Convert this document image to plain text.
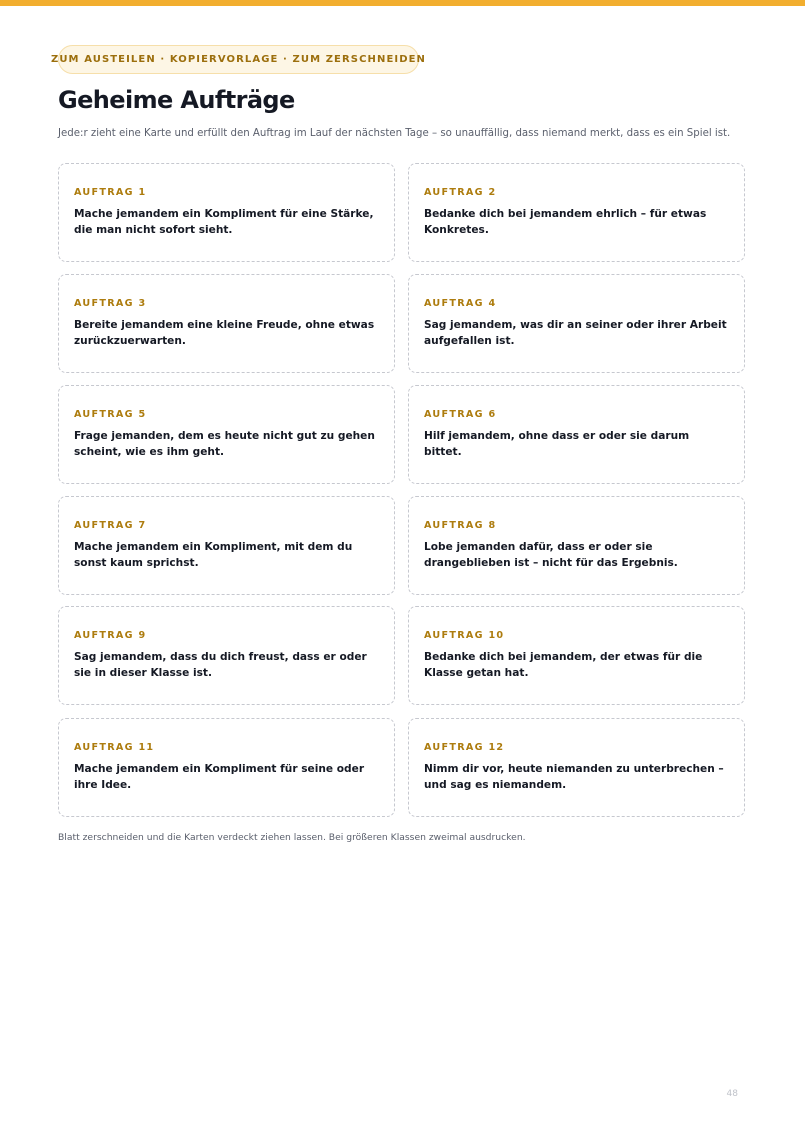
ZUM AUSTEILEN · KOPIERVORLAGE · ZUM ZERSCHNEIDEN
Geheime Aufträge

Jede:r zieht eine Karte und erfüllt den Auftrag im Lauf der nächsten Tage – so unauffällig, dass niemand merkt, dass es ein Spiel ist.

AUFTRAG 1
Mache jemandem ein Kompliment für eine Stärke, die man nicht sofort sieht.
AUFTRAG 2
Bedanke dich bei jemandem ehrlich – für etwas Konkretes.
AUFTRAG 3
Bereite jemandem eine kleine Freude, ohne etwas zurückzuerwarten.
AUFTRAG 4
Sag jemandem, was dir an seiner oder ihrer Arbeit aufgefallen ist.
AUFTRAG 5
Frage jemanden, dem es heute nicht gut zu gehen scheint, wie es ihm geht.
AUFTRAG 6
Hilf jemandem, ohne dass er oder sie darum bittet.
AUFTRAG 7
Mache jemandem ein Kompliment, mit dem du sonst kaum sprichst.
AUFTRAG 8
Lobe jemanden dafür, dass er oder sie drangeblieben ist – nicht für das Ergebnis.
AUFTRAG 9
Sag jemandem, dass du dich freust, dass er oder sie in dieser Klasse ist.
AUFTRAG 10
Bedanke dich bei jemandem, der etwas für die Klasse getan hat.
AUFTRAG 11
Mache jemandem ein Kompliment für seine oder ihre Idee.
AUFTRAG 12
Nimm dir vor, heute niemanden zu unterbrechen – und sag es niemandem.

Blatt zerschneiden und die Karten verdeckt ziehen lassen. Bei größeren Klassen zweimal ausdrucken.

48
